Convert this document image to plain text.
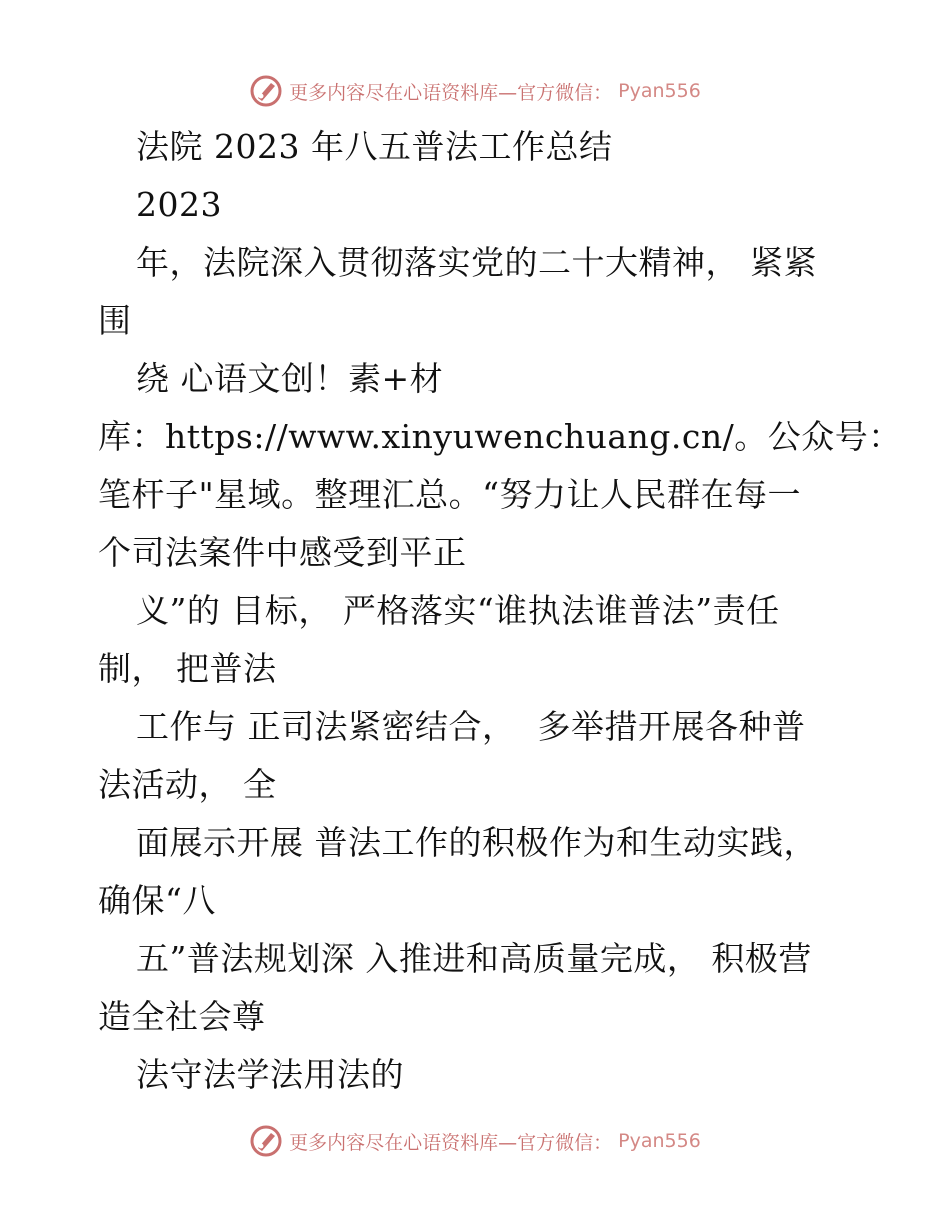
更多内容尽在心语资料库—官方微信： Pyan556
法院 2023 年八五普法工作总结
2023
年，法院深入贯彻落实党的二十大精神， 紧紧
围
绕 心语文创！素+材
库：https://www.xinyuwenchuang.cn/。公众号：
笔杆子"星域。整理汇总。“努力让人民群在每一
个司法案件中感受到平正
义”的 目标， 严格落实“谁执法谁普法”责任
制， 把普法
工作与 正司法紧密结合，  多举措开展各种普
法活动， 全
面展示开展 普法工作的积极作为和生动实践，
确保“八
五”普法规划深 入推进和高质量完成， 积极营
造全社会尊
法守法学法用法的
更多内容尽在心语资料库—官方微信： Pyan556
